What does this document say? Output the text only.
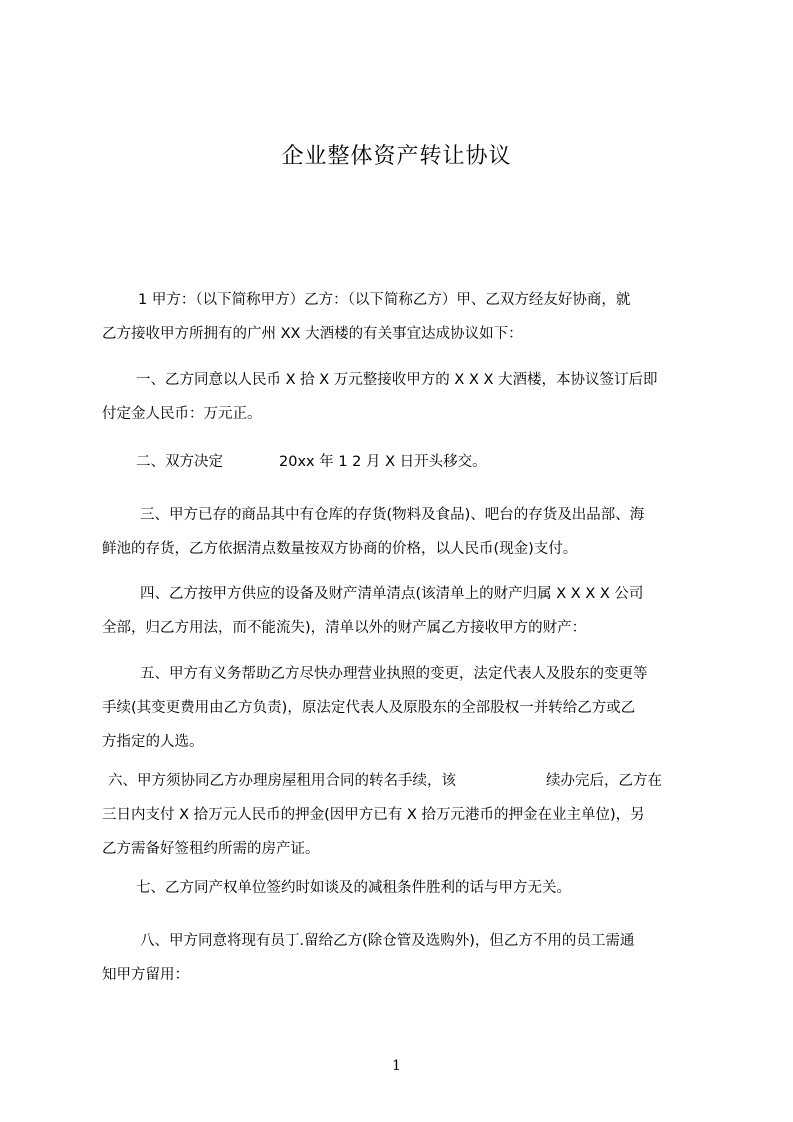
企业整体资产转让协议
1 甲方：（以下简称甲方）乙方：（以下简称乙方）甲、乙双方经友好协商，就
乙方接收甲方所拥有的广州 XX 大酒楼的有关事宜达成协议如下：
一、乙方同意以人民币 X 拾 X 万元整接收甲方的 X X X 大酒楼，本协议签订后即
付定金人民币：万元正。
二、双方决定	20xx 年 1 2 月 X 日开头移交。
三、甲方已存的商品其中有仓库的存货(物料及食品)、吧台的存货及出品部、海
鲜池的存货，乙方依据清点数量按双方协商的价格，以人民币(现金)支付。
四、乙方按甲方供应的设备及财产清单清点(该清单上的财产归属 X X X X 公司
全部，归乙方用法，而不能流失)，清单以外的财产属乙方接收甲方的财产：
五、甲方有义务帮助乙方尽快办理营业执照的变更，法定代表人及股东的变更等
手续(其变更费用由乙方负责)，原法定代表人及原股东的全部股权一并转给乙方或乙
方指定的人选。
六、甲方须协同乙方办理房屋租用合同的转名手续，该	续办完后，乙方在
三日内支付 X 拾万元人民币的押金(因甲方已有 X 拾万元港币的押金在业主单位)，另
乙方需备好签租约所需的房产证。
七、乙方同产权单位签约时如谈及的减租条件胜利的话与甲方无关。
八、甲方同意将现有员丁.留给乙方(除仓管及选购外)，但乙方不用的员工需通
知甲方留用：
1
